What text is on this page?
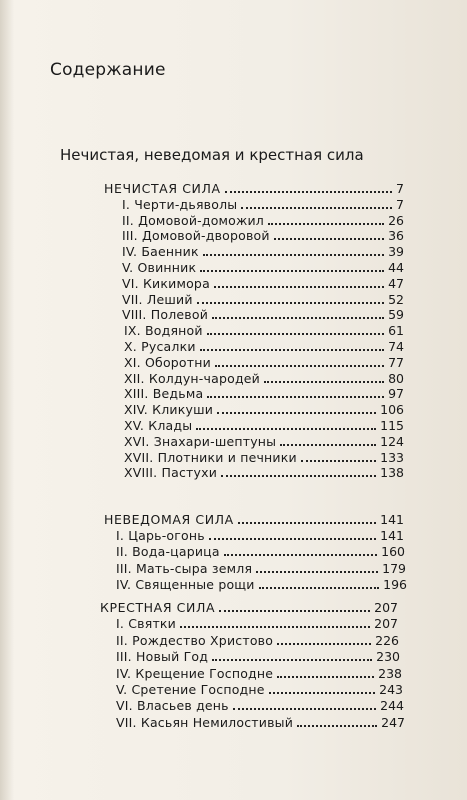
Содержание
Нечистая, неведомая и крестная сила
НЕЧИСТАЯ СИЛА	7
I. Черти-дьяволы	7
II. Домовой-доможил	26
III. Домовой-дворовой	36
IV. Баенник	39
V. Овинник	44
VI. Кикимора	47
VII. Леший	52
VIII. Полевой	59
IX. Водяной	61
X. Русалки	74
XI. Оборотни	77
XII. Колдун-чародей	80
XIII. Ведьма	97
XIV. Кликуши	106
XV. Клады	115
XVI. Знахари-шептуны	124
XVII. Плотники и печники	133
XVIII. Пастухи	138
НЕВЕДОМАЯ СИЛА	141
I. Царь-огонь	141
II. Вода-царица	160
III. Мать-сыра земля	179
IV. Священные рощи	196
КРЕСТНАЯ СИЛА	207
I. Святки	207
II. Рождество Христово	226
III. Новый Год	230
IV. Крещение Господне	238
V. Сретение Господне	243
VI. Власьев день	244
VII. Касьян Немилостивый	247
